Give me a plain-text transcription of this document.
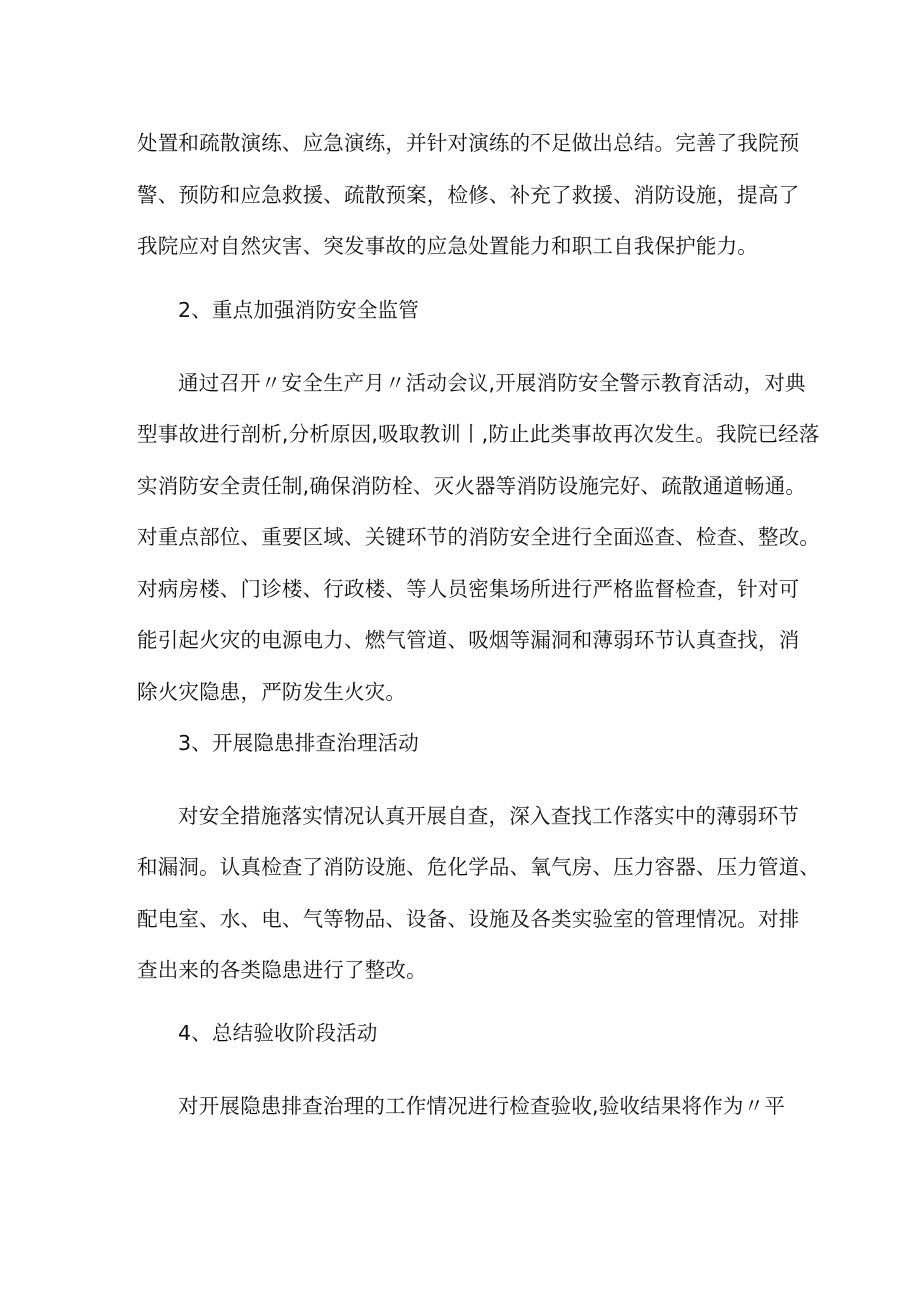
处置和疏散演练、应急演练，并针对演练的不足做出总结。完善了我院预
警、预防和应急救援、疏散预案，检修、补充了救援、消防设施，提高了
我院应对自然灾害、突发事故的应急处置能力和职工自我保护能力。
2、重点加强消防安全监管
通过召开〃安全生产月〃活动会议,开展消防安全警示教育活动，对典
型事故进行剖析,分析原因,吸取教训丨,防止此类事故再次发生。我院已经落
实消防安全责任制,确保消防栓、灭火器等消防设施完好、疏散通道畅通。
对重点部位、重要区域、关键环节的消防安全进行全面巡查、检查、整改。
对病房楼、门诊楼、行政楼、等人员密集场所进行严格监督检查，针对可
能引起火灾的电源电力、燃气管道、吸烟等漏洞和薄弱环节认真查找，消
除火灾隐患，严防发生火灾。
3、开展隐患排查治理活动
对安全措施落实情况认真开展自查，深入查找工作落实中的薄弱环节
和漏洞。认真检查了消防设施、危化学品、氧气房、压力容器、压力管道、
配电室、水、电、气等物品、设备、设施及各类实验室的管理情况。对排
查出来的各类隐患进行了整改。
4、总结验收阶段活动
对开展隐患排查治理的工作情况进行检查验收,验收结果将作为〃平
